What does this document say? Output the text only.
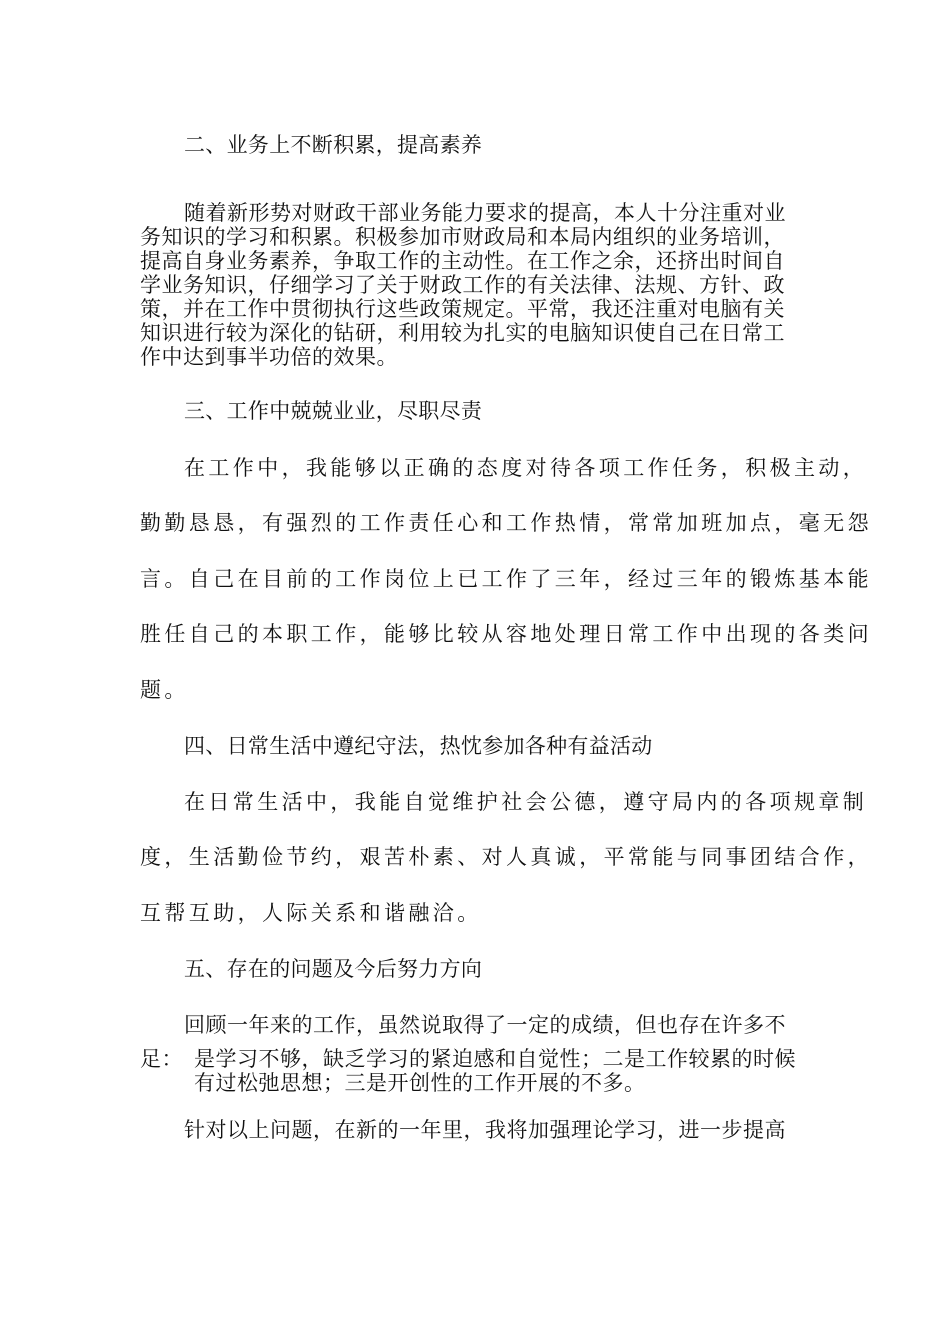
二、业务上不断积累，提高素养
随着新形势对财政干部业务能力要求的提高，本人十分注重对业
务知识的学习和积累。积极参加市财政局和本局内组织的业务培训，
提高自身业务素养，争取工作的主动性。在工作之余，还挤出时间自
学业务知识，仔细学习了关于财政工作的有关法律、法规、方针、政
策，并在工作中贯彻执行这些政策规定。平常，我还注重对电脑有关
知识进行较为深化的钻研，利用较为扎实的电脑知识使自己在日常工
作中达到事半功倍的效果。
三、工作中兢兢业业，尽职尽责
在工作中，我能够以正确的态度对待各项工作任务，积极主动，
勤勤恳恳，有强烈的工作责任心和工作热情，常常加班加点，毫无怨
言。自己在目前的工作岗位上已工作了三年，经过三年的锻炼基本能
胜任自己的本职工作，能够比较从容地处理日常工作中出现的各类问
题。
四、日常生活中遵纪守法，热忱参加各种有益活动
在日常生活中，我能自觉维护社会公德，遵守局内的各项规章制
度，生活勤俭节约，艰苦朴素、对人真诚，平常能与同事团结合作，
互帮互助，人际关系和谐融洽。
五、存在的问题及今后努力方向
回顾一年来的工作，虽然说取得了一定的成绩，但也存在许多不
足： 是学习不够，缺乏学习的紧迫感和自觉性；二是工作较累的时候
有过松弛思想；三是开创性的工作开展的不多。
针对以上问题，在新的一年里，我将加强理论学习，进一步提高
